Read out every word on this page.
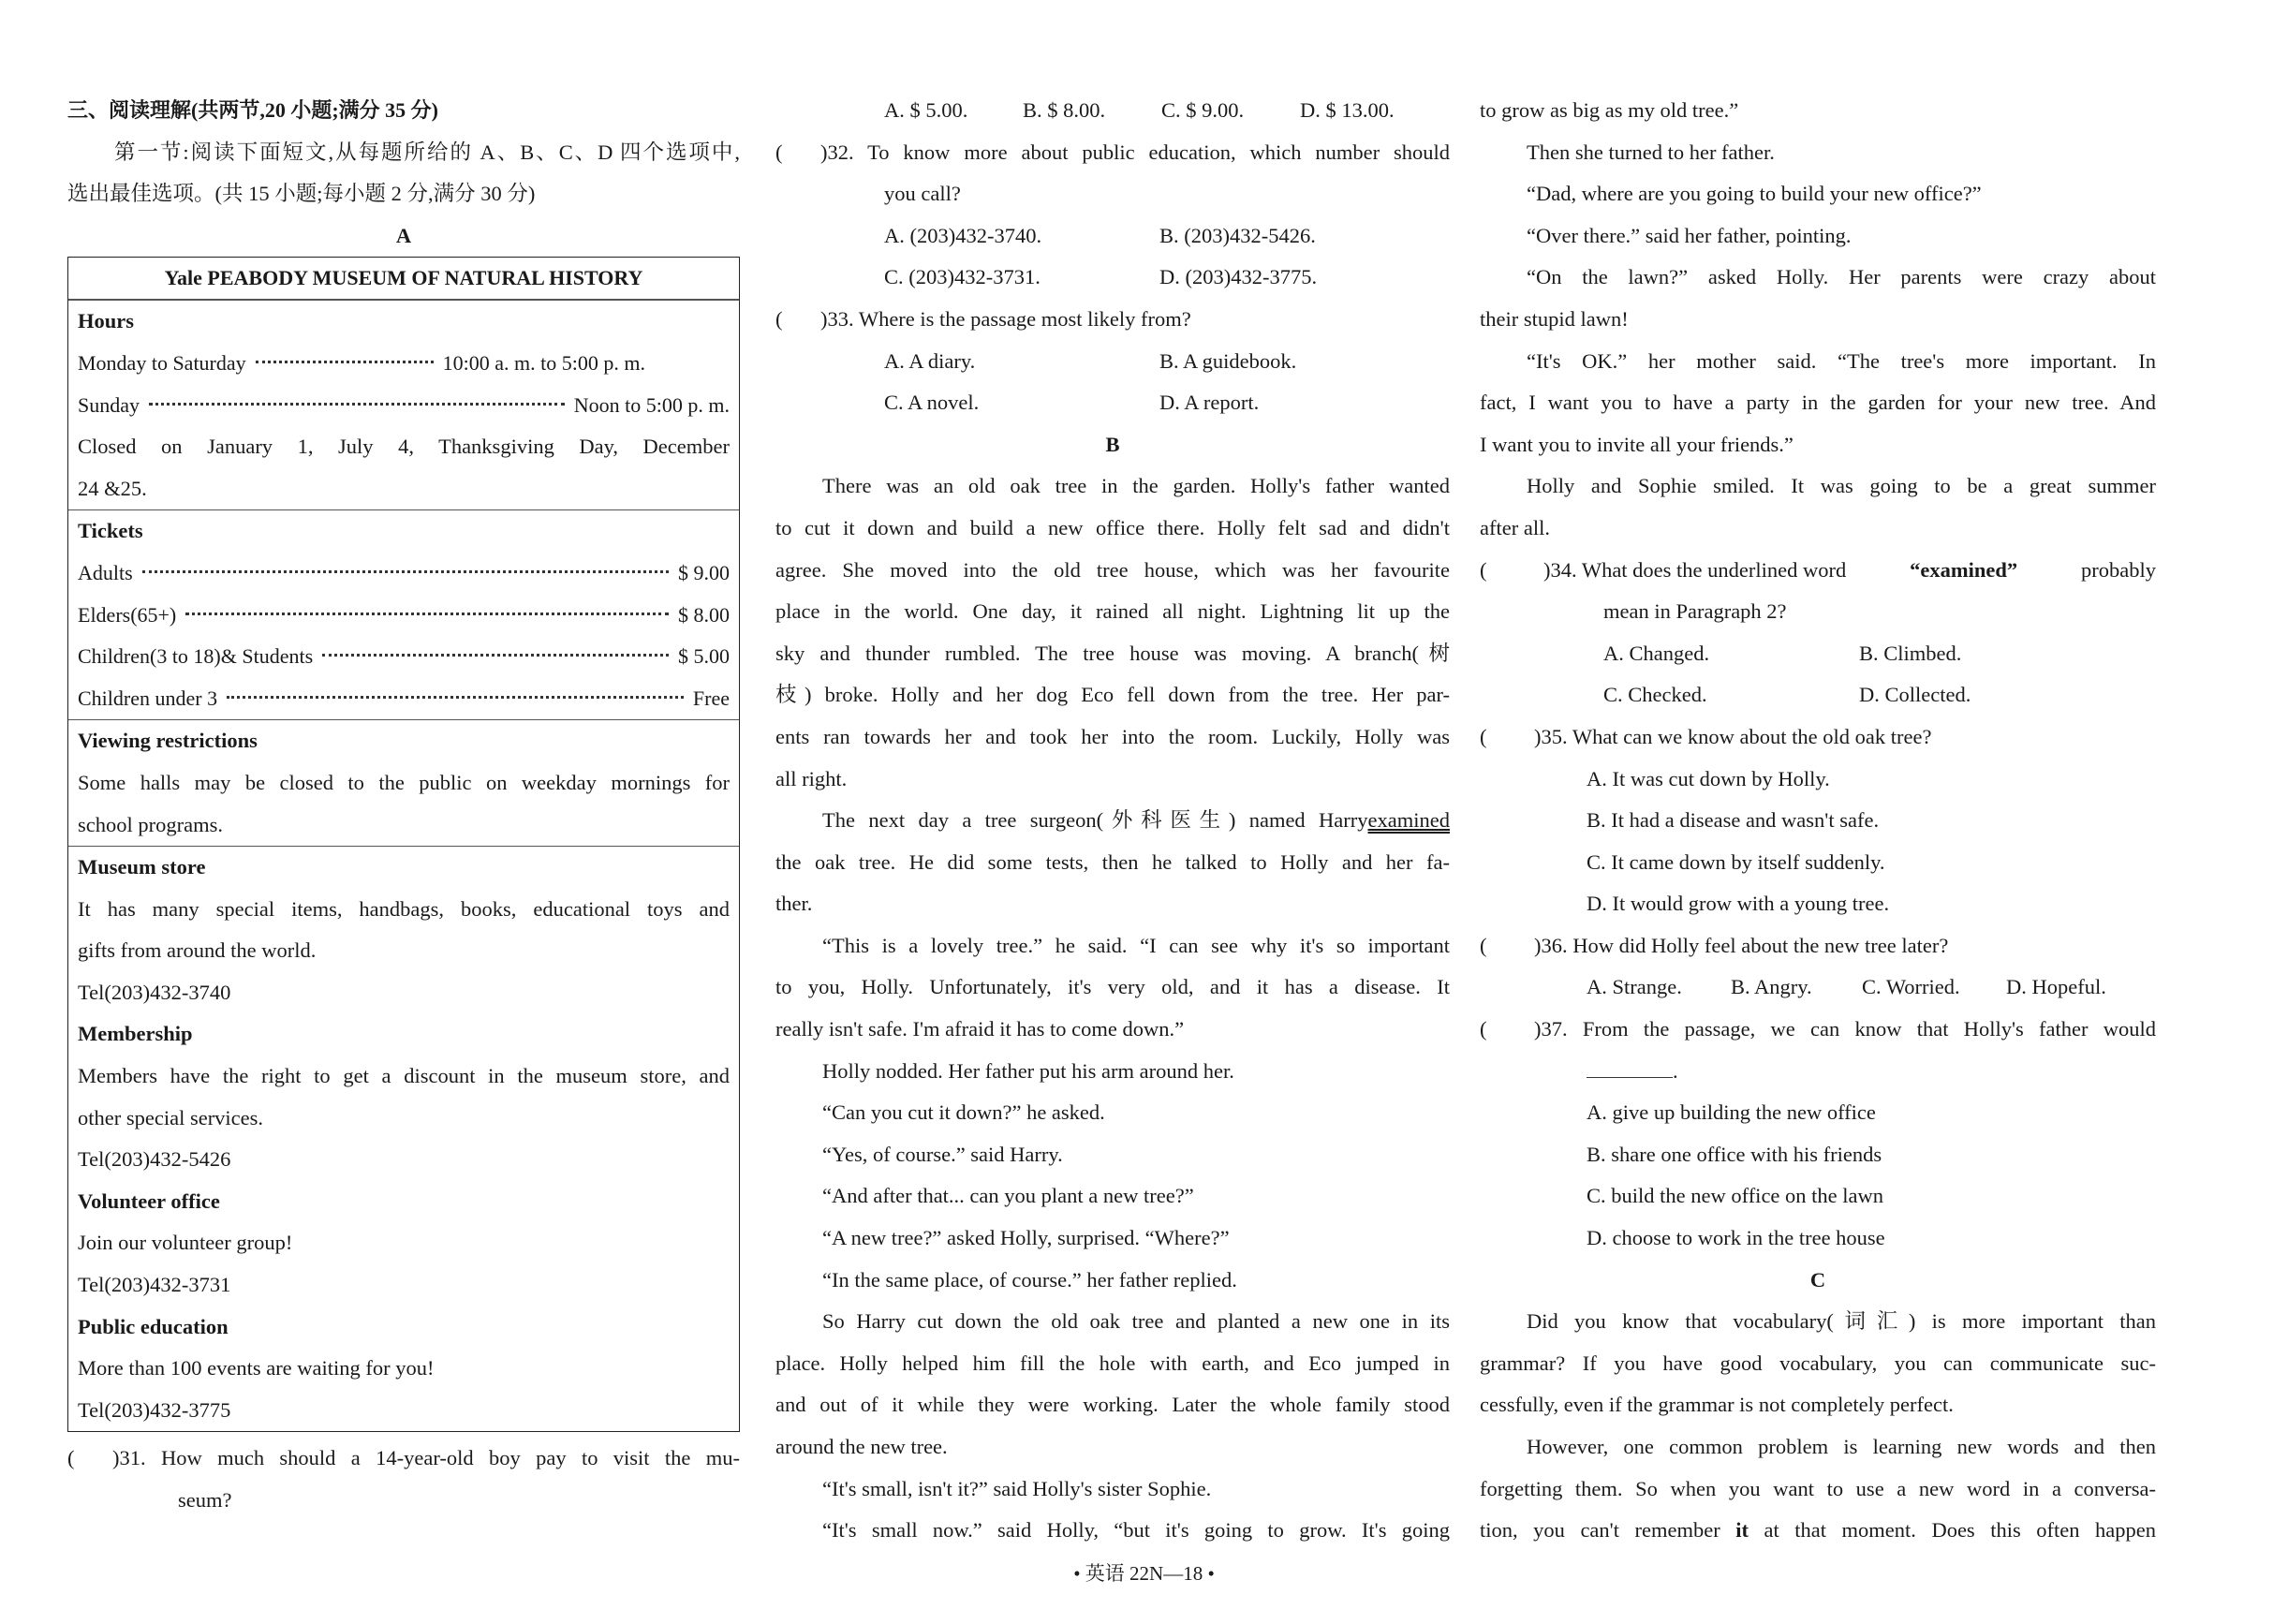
三、阅读理解(共两节,20 小题;满分 35 分)
第一节:阅读下面短文,从每题所给的 A、B、C、D 四个选项中,
选出最佳选项。(共 15 小题;每小题 2 分,满分 30 分)
A
Yale PEABODY MUSEUM OF NATURAL HISTORY
Hours
Monday to Saturday	10:00 a. m. to 5:00 p. m.
Sunday	Noon to 5:00 p. m.
Closed on January 1, July 4, Thanksgiving Day, December
24 &25.
Tickets
Adults	$ 9.00
Elders(65+)	$ 8.00
Children(3 to 18)& Students	$ 5.00
Children under 3	Free
Viewing restrictions
Some halls may be closed to the public on weekday mornings for
school programs.
Museum store
It has many special items, handbags, books, educational toys and
gifts from around the world.
Tel(203)432-3740
Membership
Members have the right to get a discount in the museum store, and
other special services.
Tel(203)432-5426
Volunteer office
Join our volunteer group!
Tel(203)432-3731
Public education
More than 100 events are waiting for you!
Tel(203)432-3775
( )31. How much should a 14-year-old boy pay to visit the mu-
seum?
A. $ 5.00.	B. $ 8.00.	C. $ 9.00.	D. $ 13.00.
( )32. To know more about public education, which number should
you call?
A. (203)432-3740.	B. (203)432-5426.
C. (203)432-3731.	D. (203)432-3775.
( )33. Where is the passage most likely from?
A. A diary.	B. A guidebook.
C. A novel.	D. A report.
B
There was an old oak tree in the garden. Holly's father wanted
to cut it down and build a new office there. Holly felt sad and didn't
agree. She moved into the old tree house, which was her favourite
place in the world. One day, it rained all night. Lightning lit up the
sky and thunder rumbled. The tree house was moving. A branch(树
枝) broke. Holly and her dog Eco fell down from the tree. Her par-
ents ran towards her and took her into the room. Luckily, Holly was
all right.
The next day a tree surgeon(外科医生) named Harryexamined
the oak tree. He did some tests, then he talked to Holly and her fa-
ther.
“This is a lovely tree.” he said. “I can see why it's so important
to you, Holly. Unfortunately, it's very old, and it has a disease. It
really isn't safe. I'm afraid it has to come down.”
Holly nodded. Her father put his arm around her.
“Can you cut it down?” he asked.
“Yes, of course.” said Harry.
“And after that... can you plant a new tree?”
“A new tree?” asked Holly, surprised. “Where?”
“In the same place, of course.” her father replied.
So Harry cut down the old oak tree and planted a new one in its
place. Holly helped him fill the hole with earth, and Eco jumped in
and out of it while they were working. Later the whole family stood
around the new tree.
“It's small, isn't it?” said Holly's sister Sophie.
“It's small now.” said Holly, “but it's going to grow. It's going
to grow as big as my old tree.”
Then she turned to her father.
“Dad, where are you going to build your new office?”
“Over there.” said her father, pointing.
“On the lawn?” asked Holly. Her parents were crazy about
their stupid lawn!
“It's OK.” her mother said. “The tree's more important. In
fact, I want you to have a party in the garden for your new tree. And
I want you to invite all your friends.”
Holly and Sophie smiled. It was going to be a great summer
after all.
(	)34. What does the underlined word	“examined”	probably
mean in Paragraph 2?
A. Changed.	B. Climbed.
C. Checked.	D. Collected.
( )35. What can we know about the old oak tree?
A. It was cut down by Holly.
B. It had a disease and wasn't safe.
C. It came down by itself suddenly.
D. It would grow with a young tree.
( )36. How did Holly feel about the new tree later?
A. Strange. B. Angry. C. Worried. D. Hopeful.
( )37. From the passage, we can know that Holly's father would
.
A. give up building the new office
B. share one office with his friends
C. build the new office on the lawn
D. choose to work in the tree house
C
Did you know that vocabulary(词汇) is more important than
grammar? If you have good vocabulary, you can communicate suc-
cessfully, even if the grammar is not completely perfect.
However, one common problem is learning new words and then
forgetting them. So when you want to use a new word in a conversa-
tion, you can't remember it at that moment. Does this often happen
• 英语 22N—18 •
